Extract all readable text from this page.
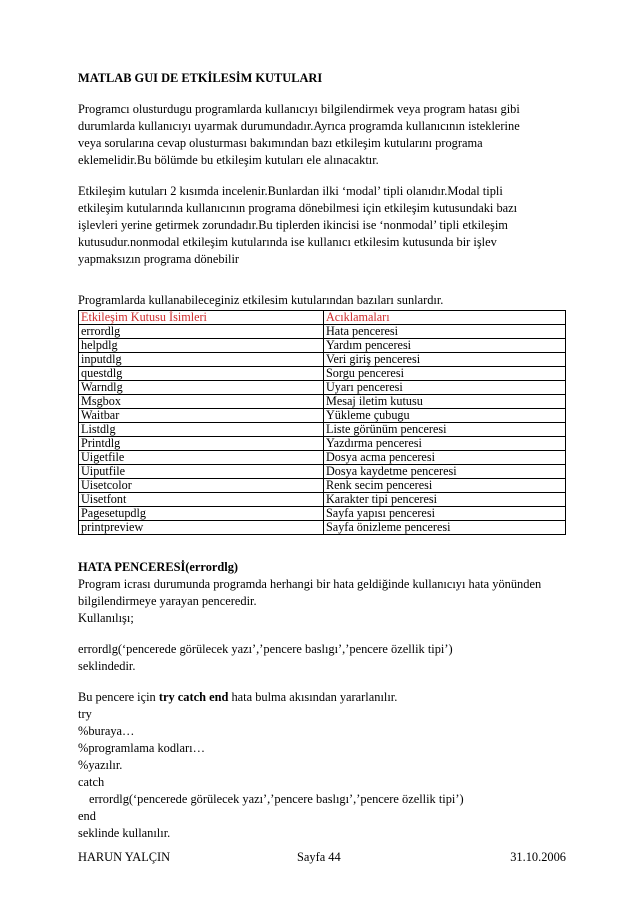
MATLAB GUI DE ETKİLESİM KUTULARI

Programcı olusturdugu programlarda kullanıcıyı bilgilendirmek veya program hatası gibi

durumlarda kullanıcıyı uyarmak durumundadır.Ayrıca programda kullanıcının isteklerine

veya sorularına cevap olusturması bakımından bazı etkileşim kutularını programa

eklemelidir.Bu bölümde bu etkileşim kutuları ele alınacaktır.

Etkileşim kutuları 2 kısımda incelenir.Bunlardan ilki ‘modal’ tipli olanıdır.Modal tipli

etkileşim kutularında kullanıcının programa dönebilmesi için etkileşim kutusundaki bazı

işlevleri yerine getirmek zorundadır.Bu tiplerden ikincisi ise ‘nonmodal’ tipli etkileşim

kutusudur.nonmodal etkileşim kutularında ise kullanıcı etkilesim kutusunda bir işlev

yapmaksızın programa dönebilir

Programlarda kullanabileceginiz etkilesim kutularından bazıları sunlardır.

Etkileşim Kutusu İsimleri	Acıklamaları
errordlg	Hata penceresi
helpdlg	Yardım penceresi
inputdlg	Veri giriş penceresi
questdlg	Sorgu penceresi
Warndlg	Uyarı penceresi
Msgbox	Mesaj iletim kutusu
Waitbar	Yükleme çubugu
Listdlg	Liste görünüm penceresi
Printdlg	Yazdırma penceresi
Uigetfile	Dosya acma penceresi
Uiputfile	Dosya kaydetme penceresi
Uisetcolor	Renk secim penceresi
Uisetfont	Karakter tipi penceresi
Pagesetupdlg	Sayfa yapısı penceresi
printpreview	Sayfa önizleme penceresi

HATA PENCERESİ(errordlg)

Program icrası durumunda programda herhangi bir hata geldiğinde kullanıcıyı hata yönünden

bilgilendirmeye yarayan penceredir.

Kullanılışı;

errordlg(‘pencerede görülecek yazı’,’pencere baslıgı’,’pencere özellik tipi’)

seklindedir.

Bu pencere için try catch end hata bulma akısından yararlanılır.

try

%buraya…

%programlama kodları…

%yazılır.

catch

errordlg(‘pencerede görülecek yazı’,’pencere baslıgı’,’pencere özellik tipi’)

end

seklinde kullanılır.

HARUN YALÇIN	Sayfa 44	31.10.2006
